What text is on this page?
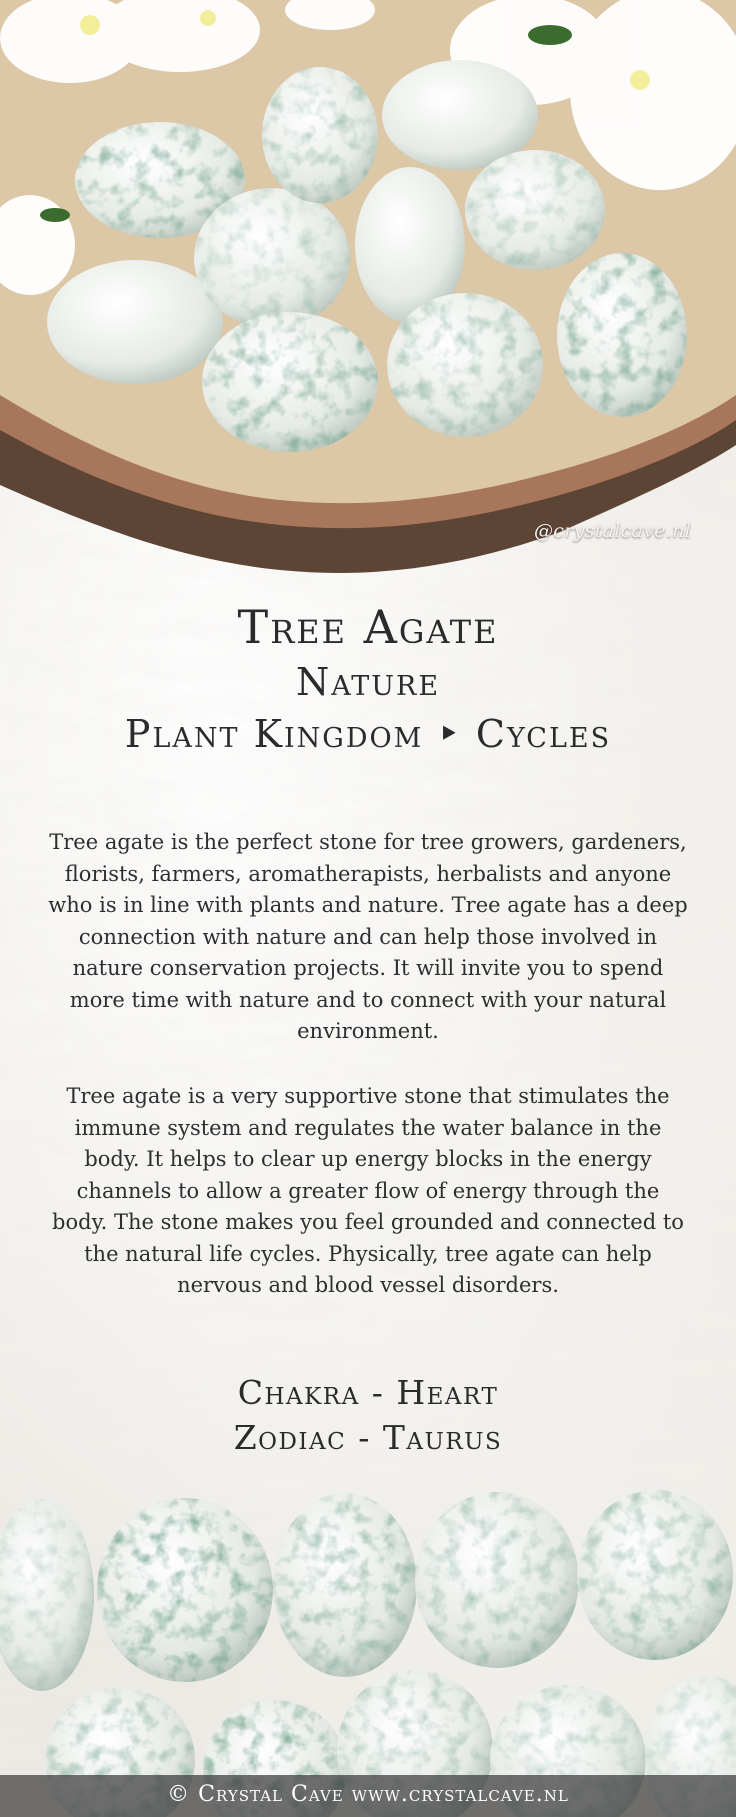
@crystalcave.nl
Tree Agate
Nature
Plant Kingdom ‣ Cycles
Tree agate is the perfect stone for tree growers, gardeners, florists, farmers, aromatherapists, herbalists and anyone who is in line with plants and nature. Tree agate has a deep connection with nature and can help those involved in nature conservation projects. It will invite you to spend more time with nature and to connect with your natural environment.
Tree agate is a very supportive stone that stimulates the immune system and regulates the water balance in the body. It helps to clear up energy blocks in the energy channels to allow a greater flow of energy through the body. The stone makes you feel grounded and connected to the natural life cycles. Physically, tree agate can help nervous and blood vessel disorders.
Chakra - Heart
Zodiac - Taurus
© Crystal Cave www.crystalcave.nl
